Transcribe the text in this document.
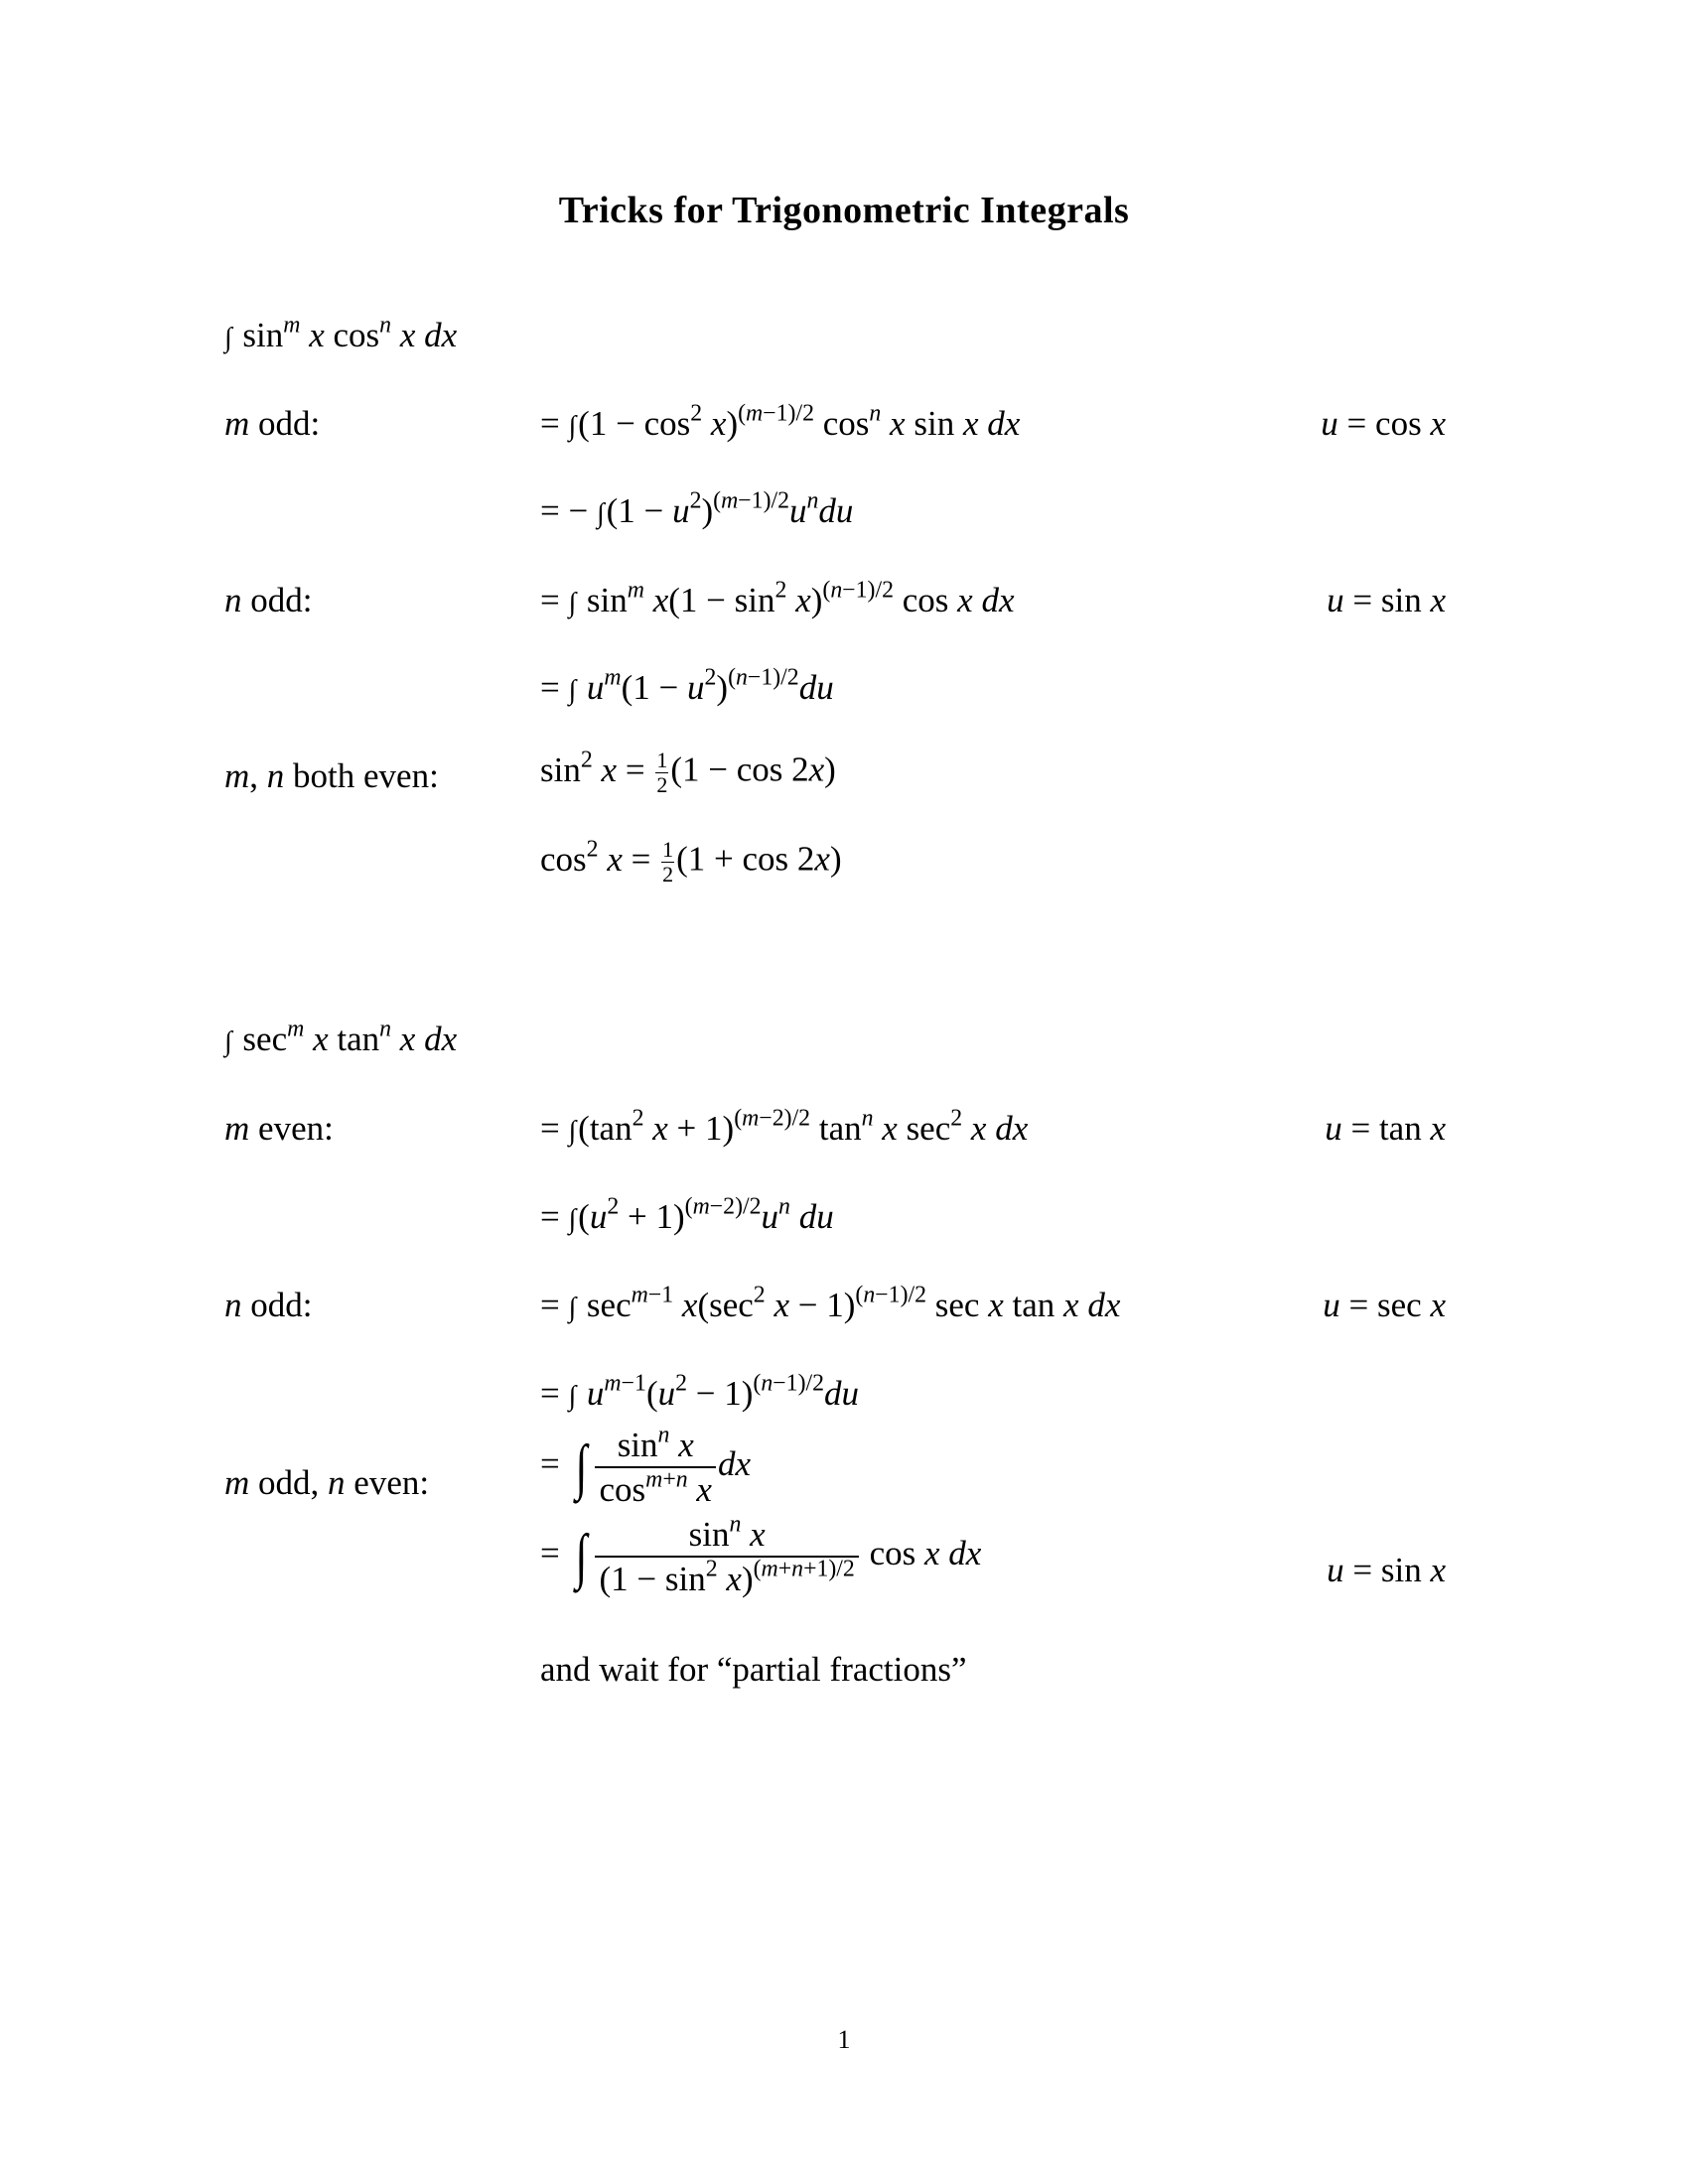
Tricks for Trigonometric Integrals
∫ $\sin^m x$ $\cos^n x$ dx
m odd:	= $\int(1 - \cos^2 x)^{(m-1)/2}$ $\cos^n x$ sin x dx	u = cos x
= − $\int(1 - u^2)^{(m-1)/2}u^ndu$
n odd:	= ∫ $\sin^m x(1 - \sin^2 x)^{(n-1)/2}$ cos x dx	u = sin x
= ∫ $u^m(1 - u^2)^{(n-1)/2}du$
m, n both even:	$\sin^2 x = \frac{1}{2} (1 - \cos 2x)$
$\cos^2 x = \frac{1}{2} (1 + \cos 2x)$
∫ $\sec^m x$ $\tan^n x$ dx
m even:	= $\int(\tan^2$ x + 1)$^{(m-2)/2}$ $\tan^n x$ $\sec^2 x$ dx	u = tan x
= $\int(u^2 + 1)^{(m-2)/2}u^n$ du
n odd:	= ∫ $\sec^{m-1} x(\sec^2$ x − 1)$^{(n-1)/2}$ sec x tan x dx	u = sec x
= ∫ $u^{m-1}(u^2 - 1)^{(n-1)/2}du$
m odd, n even:	= ∫ $\frac{\sin^n x}{\cos^{m+n} x}$ dx
= ∫ $\frac{\sin^n x}{(1 - \sin^2 x)^{(m+n+1)/2}}$ cos x dx	u = sin x
and wait for “partial fractions”
1
